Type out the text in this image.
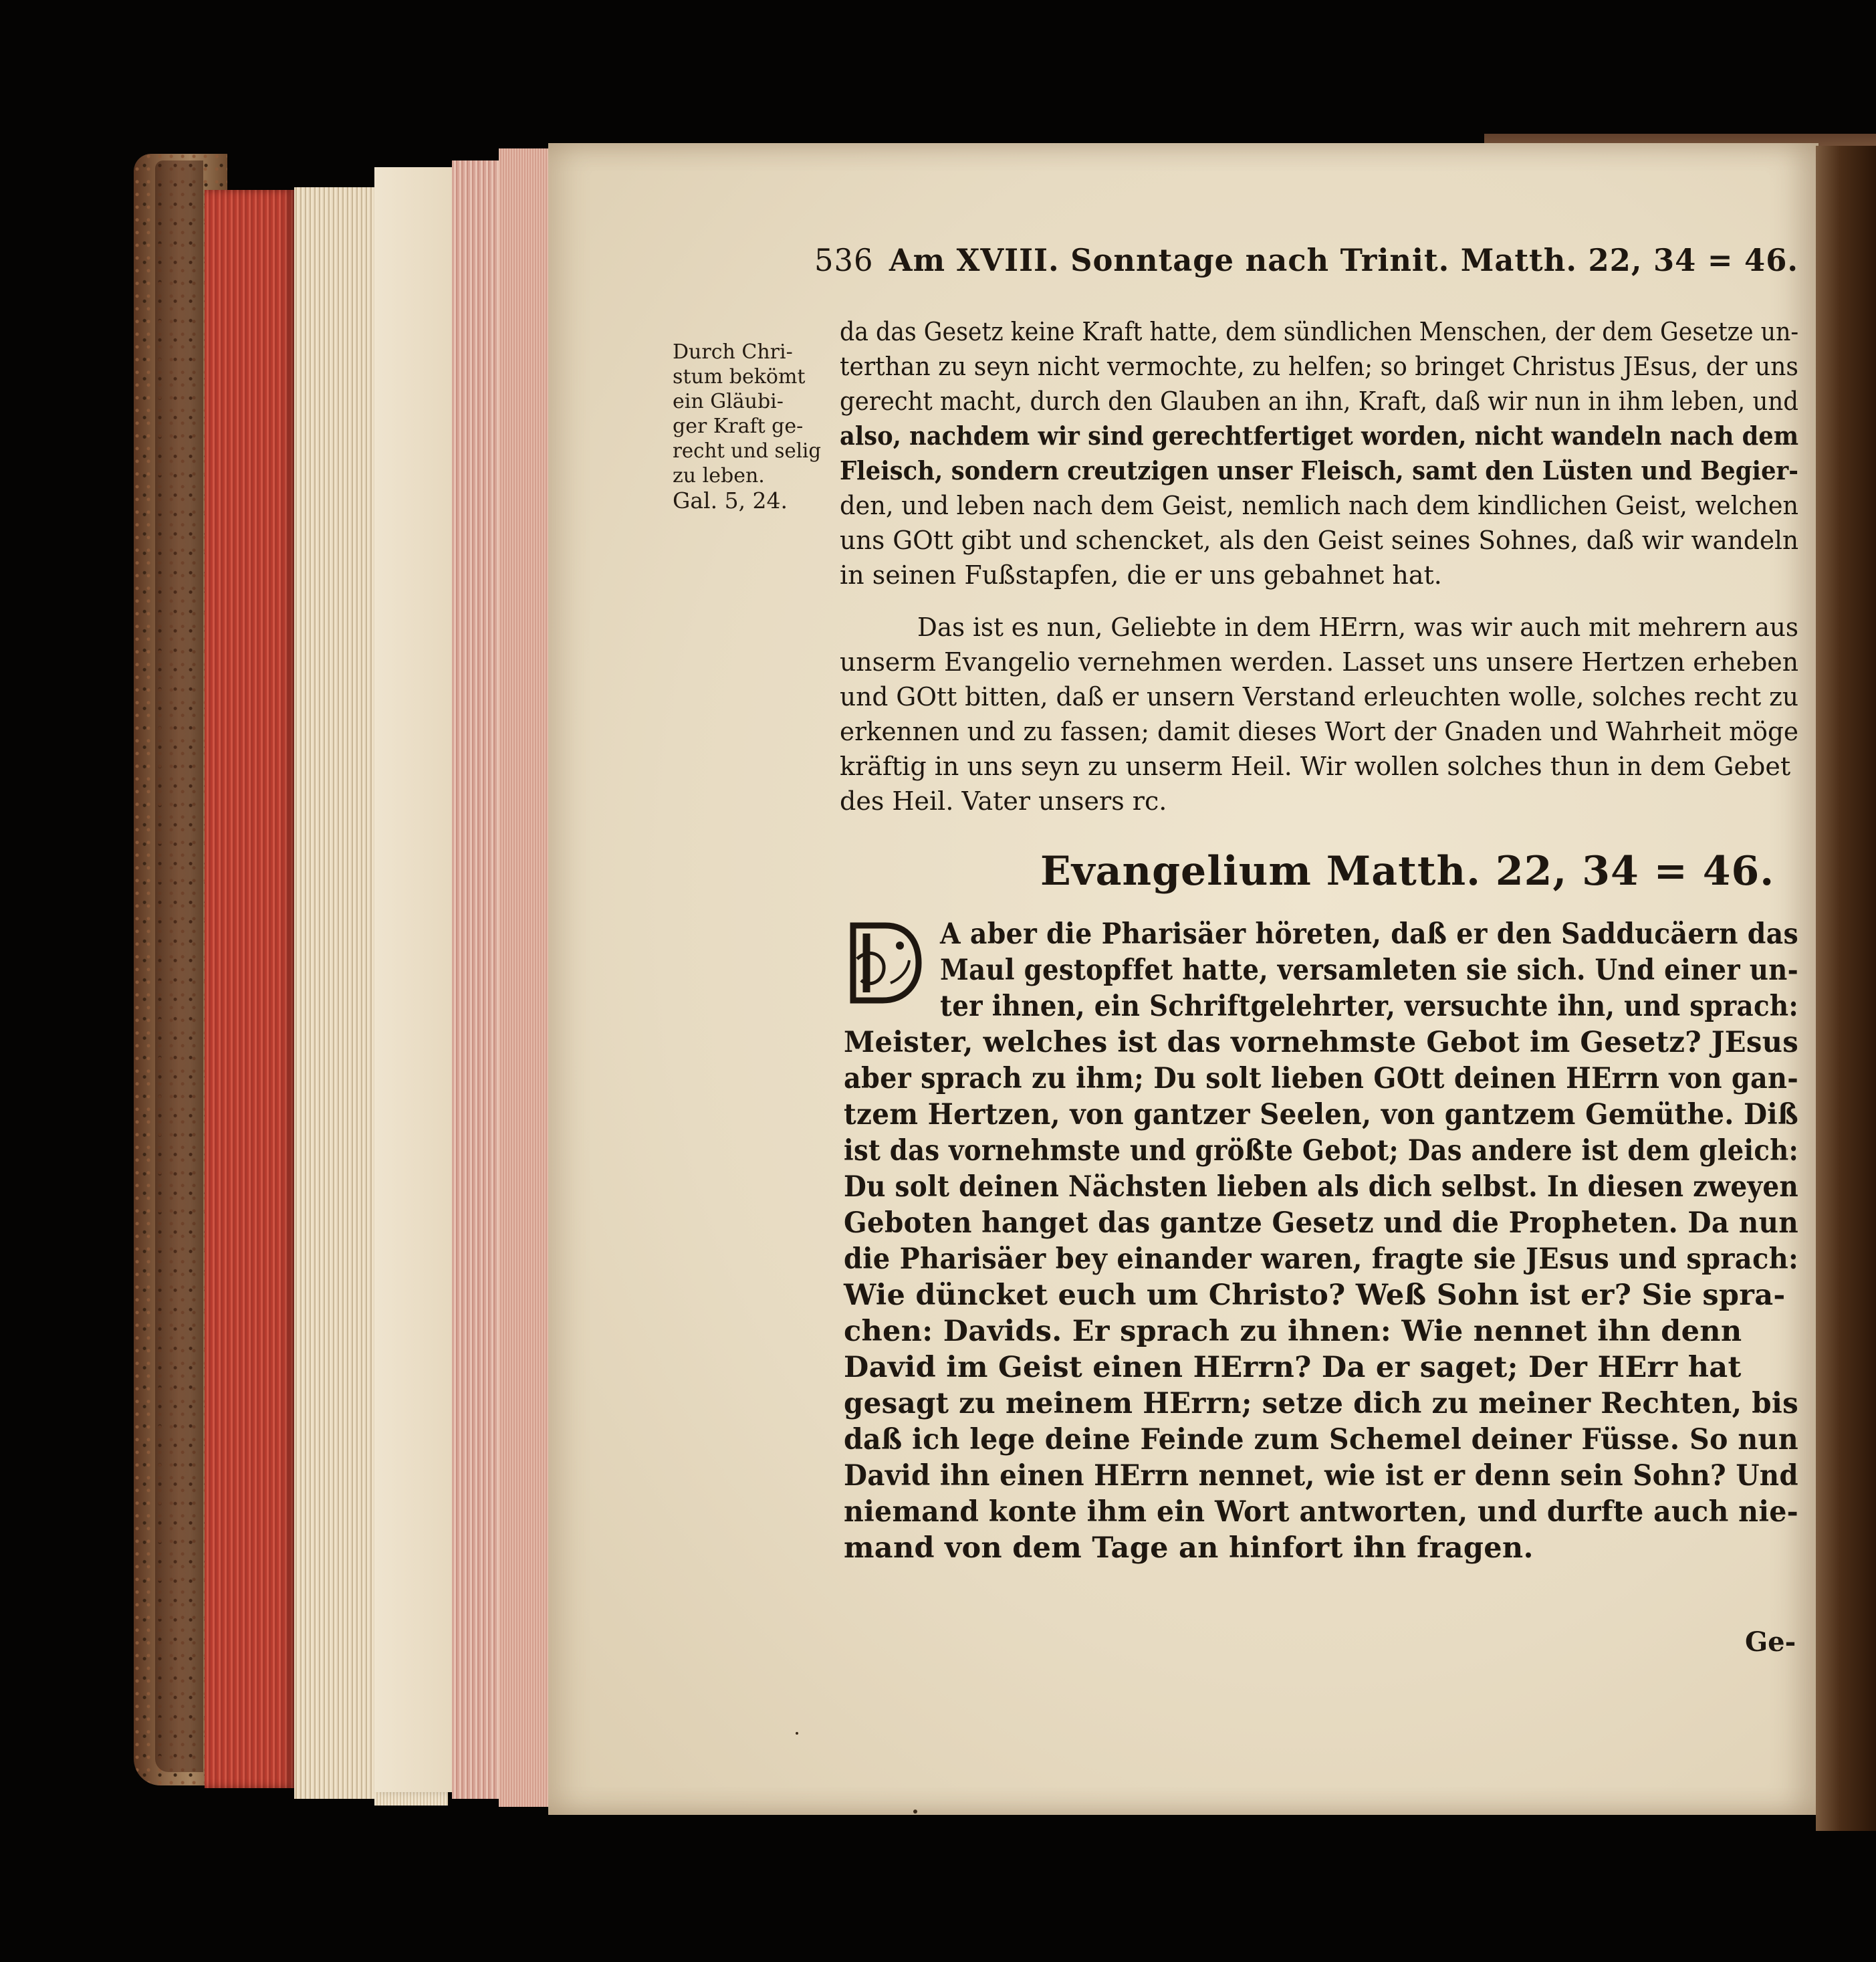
536 Am XVIII. Sonntage nach Trinit. Matth. 22, 34 = 46.
Durch Chri-
stum bekömt
ein Gläubi-
ger Kraft ge-
recht und selig
zu leben.
Gal. 5, 24.
da das Gesetz keine Kraft hatte, dem sündlichen Menschen, der dem Gesetze un-
terthan zu seyn nicht vermochte, zu helfen; so bringet Christus JEsus, der uns
gerecht macht, durch den Glauben an ihn, Kraft, daß wir nun in ihm leben, und
also, nachdem wir sind gerechtfertiget worden, nicht wandeln nach dem
Fleisch, sondern creutzigen unser Fleisch, samt den Lüsten und Begier-
den, und leben nach dem Geist, nemlich nach dem kindlichen Geist, welchen
uns GOtt gibt und schencket, als den Geist seines Sohnes, daß wir wandeln
in seinen Fußstapfen, die er uns gebahnet hat.
Das ist es nun, Geliebte in dem HErrn, was wir auch mit mehrern aus
unserm Evangelio vernehmen werden. Lasset uns unsere Hertzen erheben
und GOtt bitten, daß er unsern Verstand erleuchten wolle, solches recht zu
erkennen und zu fassen; damit dieses Wort der Gnaden und Wahrheit möge
kräftig in uns seyn zu unserm Heil. Wir wollen solches thun in dem Gebet
des Heil. Vater unsers rc.
Evangelium Matth. 22, 34 = 46.
A aber die Pharisäer höreten, daß er den Sadducäern das
Maul gestopffet hatte, versamleten sie sich. Und einer un-
ter ihnen, ein Schriftgelehrter, versuchte ihn, und sprach:
Meister, welches ist das vornehmste Gebot im Gesetz? JEsus
aber sprach zu ihm; Du solt lieben GOtt deinen HErrn von gan-
tzem Hertzen, von gantzer Seelen, von gantzem Gemüthe. Diß
ist das vornehmste und größte Gebot; Das andere ist dem gleich:
Du solt deinen Nächsten lieben als dich selbst. In diesen zweyen
Geboten hanget das gantze Gesetz und die Propheten. Da nun
die Pharisäer bey einander waren, fragte sie JEsus und sprach:
Wie düncket euch um Christo? Weß Sohn ist er? Sie spra-
chen: Davids. Er sprach zu ihnen: Wie nennet ihn denn
David im Geist einen HErrn? Da er saget; Der HErr hat
gesagt zu meinem HErrn; setze dich zu meiner Rechten, bis
daß ich lege deine Feinde zum Schemel deiner Füsse. So nun
David ihn einen HErrn nennet, wie ist er denn sein Sohn? Und
niemand konte ihm ein Wort antworten, und durfte auch nie-
mand von dem Tage an hinfort ihn fragen.
Ge-
